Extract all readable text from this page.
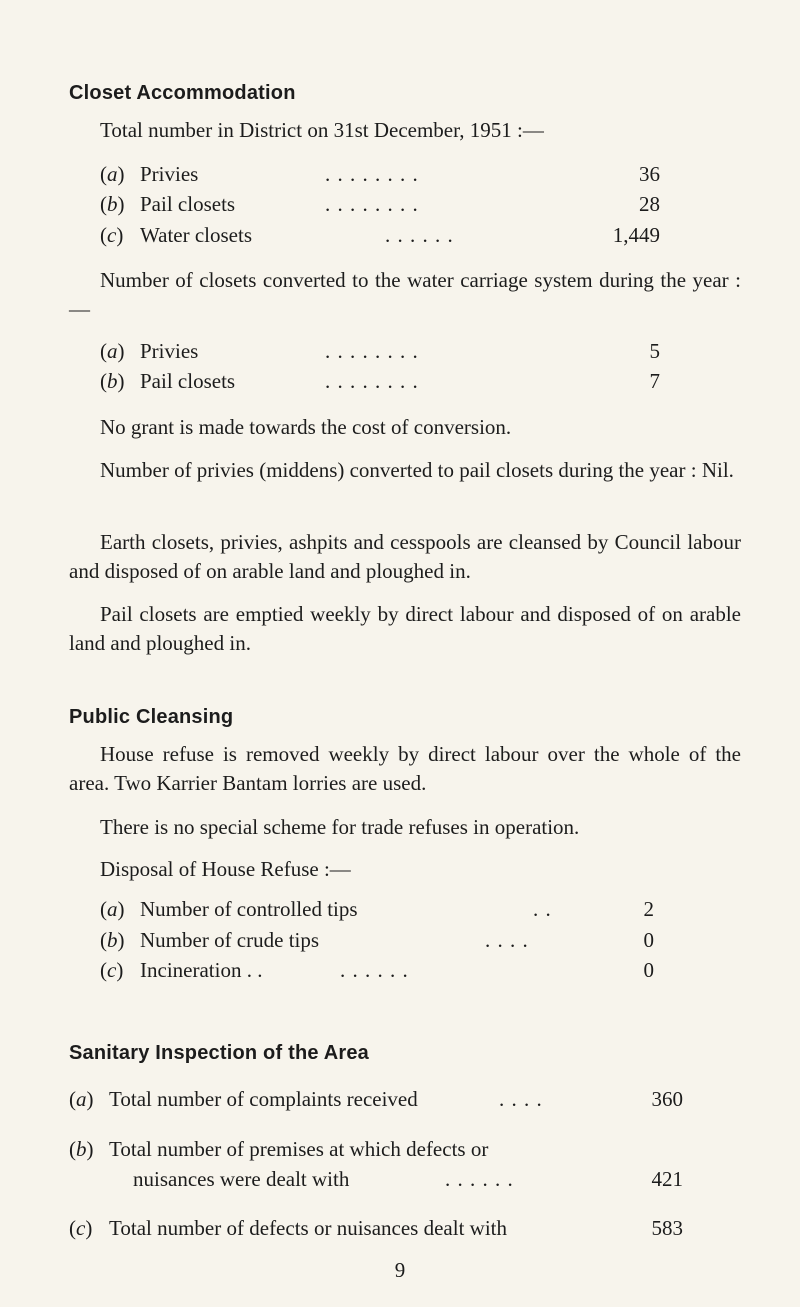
Closet Accommodation
Total number in District on 31st December, 1951 :—
(a) Privies	. . . . . . . .	36
(b) Pail closets	. . . . . . . .	28
(c) Water closets	. . . . . .	1,449

Number of closets converted to the water carriage system during the year :—

(a) Privies	. . . . . . . .	5
(b) Pail closets	. . . . . . . .	7

No grant is made towards the cost of conversion.

Number of privies (middens) converted to pail closets during the year : Nil.

Earth closets, privies, ashpits and cesspools are cleansed by Council labour and disposed of on arable land and ploughed in.

Pail closets are emptied weekly by direct labour and disposed of on arable land and ploughed in.

Public Cleansing

House refuse is removed weekly by direct labour over the whole of the area. Two Karrier Bantam lorries are used.

There is no special scheme for trade refuses in operation.

Disposal of House Refuse :—
(a) Number of controlled tips	. .	2
(b) Number of crude tips	. . . .	0
(c) Incineration . .	. . . . . .	0
Sanitary Inspection of the Area
(a) Total number of complaints received	. . . .	360
(b) Total number of premises at which defects or
nuisances were dealt with	. . . . . .	421
(c) Total number of defects or nuisances dealt with	583
9
